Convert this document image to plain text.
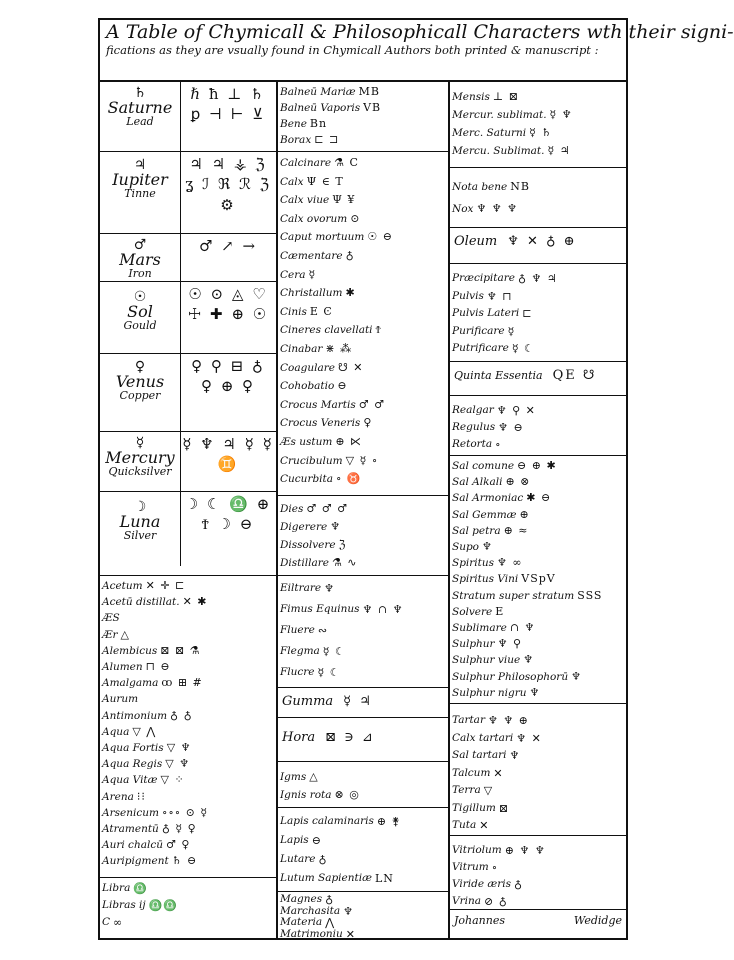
A Table of Chymicall & Philosophicall Characters wth their signi-
fications as they are vsually found in Chymicall Authors both printed & manuscript :
♄
Saturne
Lead
ℏ ħ ⊥ ♄ ꝑ ⊣ ⊢ ⊻
♃
Iupiter
Tinne
♃ ♃ ⚶ ℨ ʓ ℐ ℜ ℛ ℨ ⚙
♂
Mars
Iron
♂ ↗ →
☉
Sol
Gould
☉ ⊙ ◬ ♡ ☩ ✚ ⊕ ☉
♀
Venus
Copper
♀ ⚲ ⊟ ♁ ♀ ⊕ ♀
☿
Mercury
Quicksilver
☿ ♆ ♃ ☿ ☿ ♊
☽
Luna
Silver
☽ ☾ ♎ ⊕ Ϯ ☽ ⊖
Acetum ✕ ✛ ⊏
Acetū distillat. ✕ ✱
ÆS
Ær △
Alembicus ⊠ ⊠ ⚗
Alumen ⊓ ⊖
Amalgama ꝏ ⊞ #
Aurum
Antimonium ♁ ♁
Aqua ▽ ⋀
Aqua Fortis ▽ ♆
Aqua Regis ▽ ♆
Aqua Vitæ ▽ ⁘
Arena ⁝⁝
Arsenicum ∘∘∘ ⊙ ☿
Atramentū ♁ ☿ ♀
Auri chalcū ♂ ♀
Auripigment ♄ ⊖
Libra ♎
Libras ij ♎♎
C ∞
Balneū Mariæ MB
Balneū Vaporis VB
Bene Bn
Borax ⊏ ⊐
Calcinare ⚗ C
Calx Ψ ∈ Τ
Calx viue Ψ ¥
Calx ovorum ⊙
Caput mortuum ☉ ⊖
Cæmentare ♁
Cera ☿
Christallum ✱
Cinis Ε Ͼ
Cineres clavellati Ϯ
Cinabar ⋇ ⁂
Coagulare ☋ ✕
Cohobatio ⊖
Crocus Martis ♂ ♂
Crocus Veneris ♀
Æs ustum ⊕ ⋉
Crucibulum ▽ ☿ ∘
Cucurbita ∘ ♉
Dies ♂ ♂ ♂
Digerere ♆
Dissolvere ℨ
Distillare ⚗ ∿
Eiltrare ♆
Fimus Equinus ♆ ∩ ♆
Fluere ∾
Flegma ☿ ☾
Flucre ☿ ☾
Gumma ☿ ♃
Hora ⊠ ∋ ⊿
Igms △
Ignis rota ⊗ ◎
Lapis calaminaris ⊕ ⚵
Lapis ⊖
Lutare ♁
Lutum Sapientiæ LN
Magnes ♁
Marchasita ♆
Materia ⋀
Matrimoniu ✕
Mensis ⊥ ⊠
Mercur. sublimat. ☿ ♆
Merc. Saturni ☿ ♄
Mercu. Sublimat. ☿ ♃
Nota bene NB
Nox ♆ ♆ ♆
Oleum ♆ ✕ ♁ ⊕
Præcipitare ♁ ♆ ♃
Pulvis ♆ ⊓
Pulvis Lateri ⊏
Purificare ☿
Putrificare ☿ ☾
Quinta Essentia QE ☋
Realgar ♆ ⚲ ✕
Regulus ♆ ⊖
Retorta ∘
Sal comune ⊖ ⊕ ✱
Sal Alkali ⊕ ⊗
Sal Armoniac ✱ ⊖
Sal Gemmæ ⊕
Sal petra ⊕ ≈
Supo ♆
Spiritus ♆ ∞
Spiritus Vini VSpV
Stratum super stratum SSS
Solvere E
Sublimare ∩ ♆
Sulphur ♆ ⚲
Sulphur viue ♆
Sulphur Philosophorū ♆
Sulphur nigru ♆
Tartar ♆ ♆ ⊕
Calx tartari ♆ ✕
Sal tartari ♆
Talcum ✕
Terra ▽
Tigillum ⊠
Tuta ✕
Vitriolum ⊕ ♆ ♆
Vitrum ∘
Viride æris ♁
Vrina ⊘ ♁
Johannes	Wedidge
